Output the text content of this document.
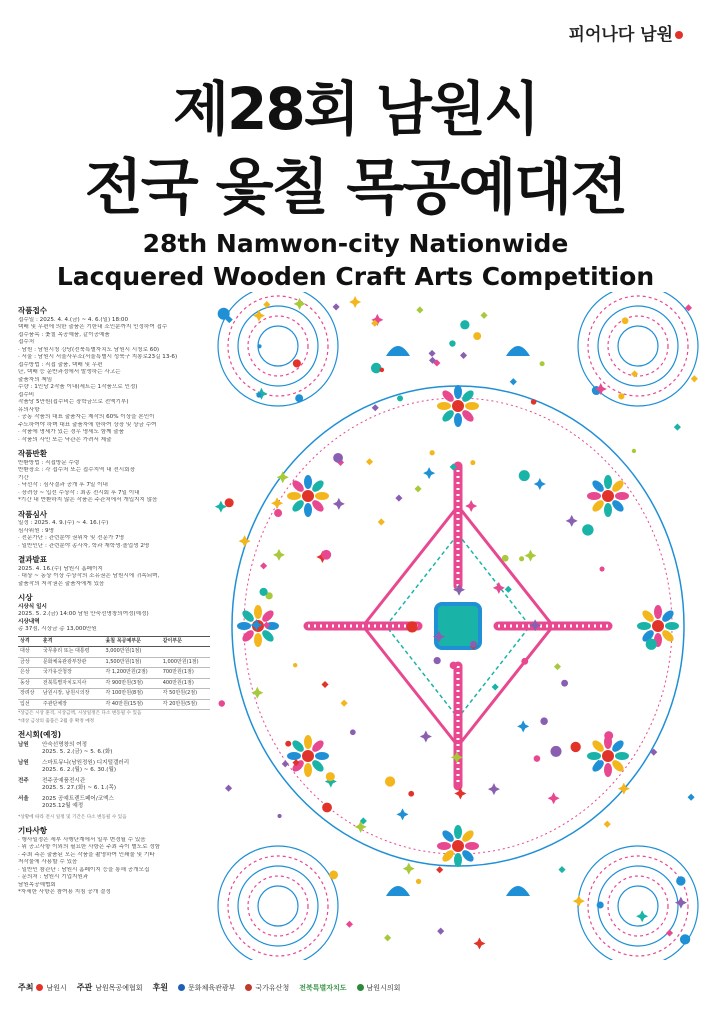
피어나다 남원
제28회 남원시
전국 옻칠 목공예대전
28th Namwon-city Nationwide
Lacquered Wooden Craft Arts Competition
작품접수
접수일 : 2025. 4. 4.(금) ~ 4. 6.(일) 18:00
택배 및 우편에 의한 출품은 기한내 소인분까지 인정하여 접수
접수품목 : 옻칠 목공예품, 같이공예품
접수처
· 남원 : 남원시청 강당(전북특별자치도 남원시 시청로 60)
· 서울 : 남원시 서울사무소(서울특별시 성북구 지봉로23길 13-6)
접수방법 : 직접 출품, 택배 및 우편
단, 택배 등 운반과정에서 발생하는 사고는
출품자의 책임
수량 : 1인당 2작품 이내(세트는 1작품으로 인정)
접수비
작품당 5만원(접수비는 장학금으로 전액기부)
유의사항
· 공동 작품의 대표 출품자는 제작의 60% 이상을 본인이
주도하여야 하며 대표 출품자에 한하여 상장 및 상금 수여
· 작품에 명세가 있는 경우 명세도 함께 출품
· 작품의 사인 또는 낙관은 가려서 제출
작품반환
반환방법 : 직접방문 수령
반환장소 : 각 접수처 또는 접수지역 내 전시회장
기간
· 낙선작 : 심사결과 공개 후 7일 이내
· 장려상 ~ 입선 수상작 : 최종 전시회 후 7일 이내
*기간 내 반환하지 않은 작품은 주관처에서 개입지지 않음
작품심사
일정 : 2025. 4. 9.(수) ~ 4. 16.(수)
심사위원 : 9명
· 전문가단 : 관련분야 권위자 및 전문가 7명
· 일반인단 : 관련분야 종사자, 학과 재학생·졸업생 2명
결과발표
2025. 4. 16.(수) 남원시 홈페이지
· 대상 ~ 동상 이상 수상작의 소유권은 남원시에 귀속되며,
출품작의 저작권은 출품자에게 있음
시상
시상식 일시
2025. 5. 2.(금) 14:00 남원 안숙선명창의여정(예정)
시상내역
총 37점, 시상금 총 13,000만원
상격	훈격	옻칠 목공예부문	같이부문
대상	국무총리 또는 대통령	3,000만원(1점)	
금상	문화체육관광부장관	1,500만원(1점)	1,000만원(1점)
은상	국가유산청장	각 1,200만원(2점)	700만원(1점)
동상	전북특별자치도지사	각 900만원(3점)	400만원(1점)
장려상	남원시장, 남원시의장	각 100만원(8점)	각 50만원(2점)
입선	주관단체장	각 40만원(15점)	각 20만원(5점)
*상금은 시상 훈격, 시상금액, 시상일정은 다소 변동될 수 있음
*대상 금상의 출품은 2월 중 확정 예정
전시회(예정)
남원	안숙선명창의 여정
2025. 5. 2.(금) ~ 5. 6.(화)
남원	스마트뮤니(남원정원) 디지털갤러리
2025. 6. 2.(월) ~ 6. 30.(월)
전주	전주공예품전시관
2025. 5. 27.(화) ~ 6. 1.(목)
서울	2025 공예트렌드페어/코엑스
2025.12월 예정
*상황에 따라 전시 일정 및 기간은 다소 변동될 수 있음
기타사항
· 행사일정은 세부 사행단계에서 일부 변경될 수 있음
· 위 공고사항 이외의 필요한 사항은 주최 측이 별도로 정함
· 주최 측은 출품된 모든 작품을 촬영하여 인쇄물 및 기타
저작물에 사용할 수 있음
· 일반인 참관단 : 남원시 홈페이지 등을 통해 공개모집
· 문의처 : 남원시 기업지원과
남원목공예협회
*자세한 사항은 참여용 지침 공개 결정
주최 남원시 주관 남원목공예협회 후원	문화체육관광부	국가유산청 전북특별자치도	남원시의회
